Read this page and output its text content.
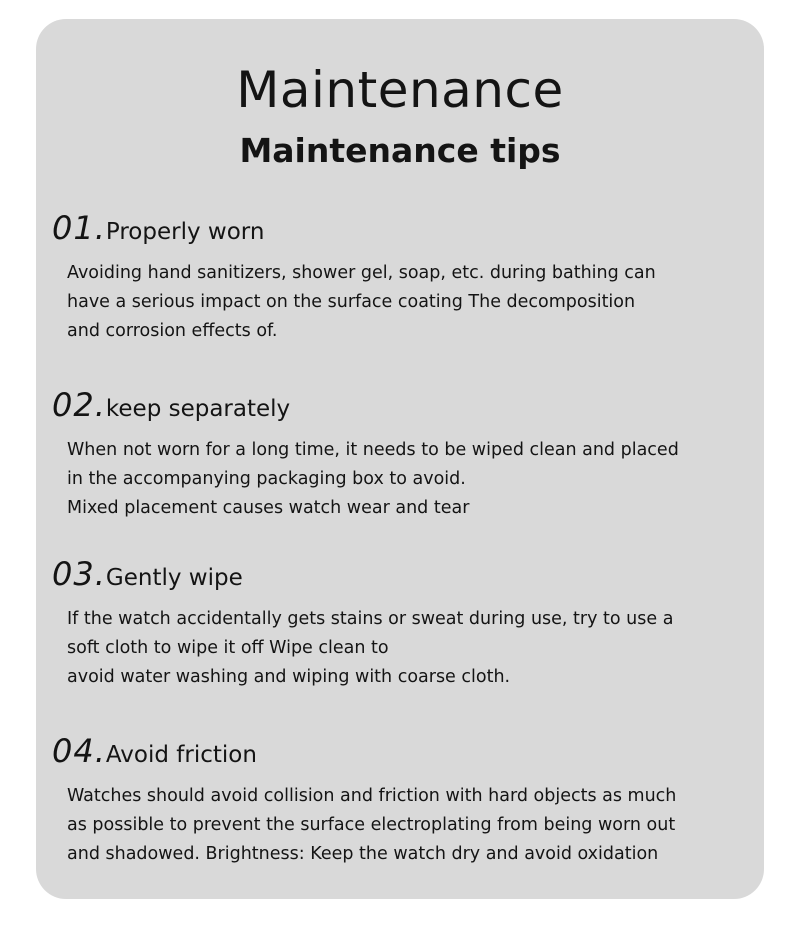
Maintenance
Maintenance tips
01. Properly worn
Avoiding hand sanitizers, shower gel, soap, etc. during bathing can
have a serious impact on the surface coating The decomposition
and corrosion effects of.
02. keep separately
When not worn for a long time, it needs to be wiped clean and placed
in the accompanying packaging box to avoid.
Mixed placement causes watch wear and tear
03. Gently wipe
If the watch accidentally gets stains or sweat during use, try to use a
soft cloth to wipe it off Wipe clean to
avoid water washing and wiping with coarse cloth.
04. Avoid friction
Watches should avoid collision and friction with hard objects as much
as possible to prevent the surface electroplating from being worn out
and shadowed. Brightness: Keep the watch dry and avoid oxidation
